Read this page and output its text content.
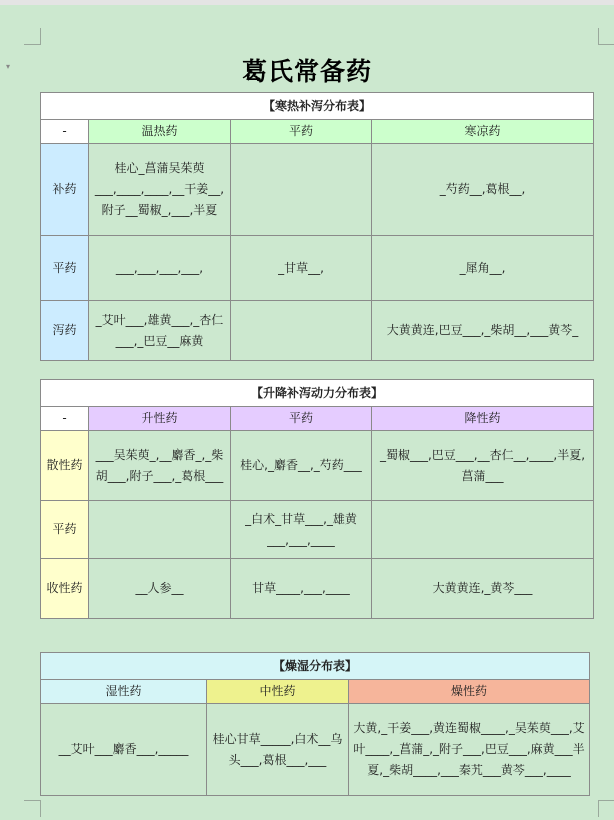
▾	葛氏常备药
【寒热补泻分布表】			
-	温热药	平药	寒凉药
补药	桂心_菖蒲吴茱萸___,____,____,__干姜__,附子__蜀椒_,___,半夏		_芍药__,葛根__,
平药	___,___,___,___,	_甘草__,	_犀角__,
泻药	_艾叶___,雄黄___,_杏仁___,_巴豆__麻黄		大黄黄连,巴豆___,_柴胡__,___黄芩_
【升降补泻动力分布表】			
-	升性药	平药	降性药
散性药	___吴茱萸_,__麝香_,_柴胡___,附子___,_葛根___	桂心,_麝香__,_芍药___	_蜀椒___,巴豆___,__杏仁__,____,半夏,菖蒲___
平药		_白术_甘草___,_雄黄___,___,____	
收性药	__人参__	甘草____,___,____	大黄黄连,_黄芩___
【燥湿分布表】		
湿性药	中性药	燥性药
__艾叶___麝香___,_____	桂心甘草_____,白术__乌头___,葛根___,___	大黄,_干姜___,黄连蜀椒____,_吴茱萸___,艾叶____,_菖蒲_,_附子___,巴豆___,麻黄___半夏,_柴胡____,___秦艽___黄芩___,____
